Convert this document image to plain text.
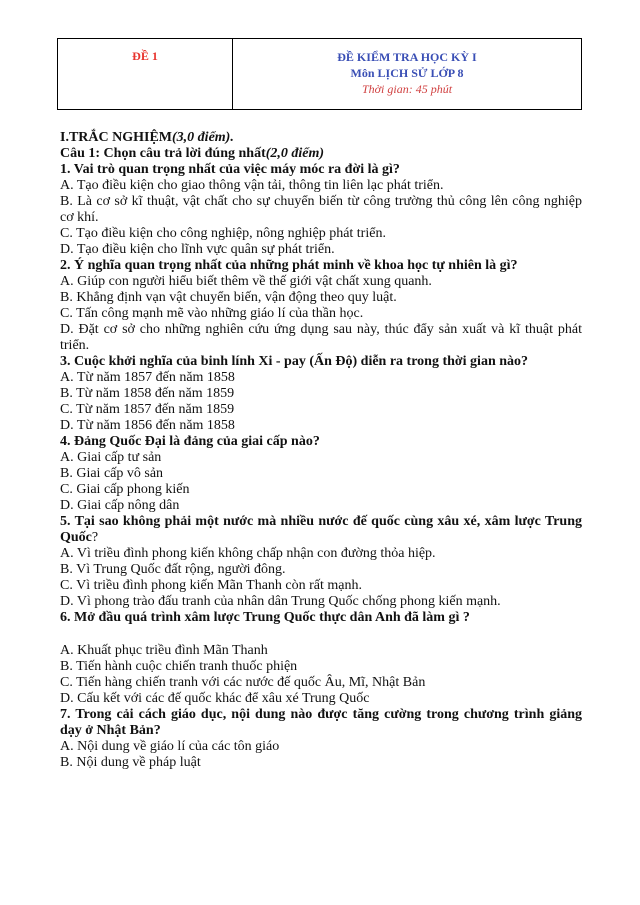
ĐỀ 1	ĐỀ KIỂM TRA HỌC KỲ I
Môn LỊCH SỬ LỚP 8
Thời gian: 45 phút
I.TRẮC NGHIỆM(3,0 điểm).
Câu 1: Chọn câu trả lời đúng nhất(2,0 điểm)
1. Vai trò quan trọng nhất của việc máy móc ra đời là gì?
A. Tạo điều kiện cho giao thông vận tải, thông tin liên lạc phát triển.
B. Là cơ sở kĩ thuật, vật chất cho sự chuyển biến từ công trường thủ công lên công nghiệp cơ khí.
C. Tạo điều kiện cho công nghiệp, nông nghiệp phát triển.
D. Tạo điều kiện cho lĩnh vực quân sự phát triển.
2. Ý nghĩa quan trọng nhất của những phát minh về khoa học tự nhiên là gì?
A. Giúp con người hiểu biết thêm về thế giới vật chất xung quanh.
B. Khẳng định vạn vật chuyển biến, vận động theo quy luật.
C. Tấn công mạnh mẽ vào những giáo lí của thần học.
D. Đặt cơ sở cho những nghiên cứu ứng dụng sau này, thúc đẩy sản xuất và kĩ thuật phát triển.
3. Cuộc khởi nghĩa của binh lính Xi - pay (Ấn Độ) diễn ra trong thời gian nào?
A. Từ năm 1857 đến năm 1858
B. Từ năm 1858 đến năm 1859
C. Từ năm 1857 đến năm 1859
D. Từ năm 1856 đến năm 1858
4. Đảng Quốc Đại là đảng của giai cấp nào?
A. Giai cấp tư sản
B. Giai cấp vô sản
C. Giai cấp phong kiến
D. Giai cấp nông dân
5. Tại sao không phải một nước mà nhiều nước đế quốc cùng xâu xé, xâm lược Trung Quốc?
A. Vì triều đình phong kiến không chấp nhận con đường thỏa hiệp.
B. Vì Trung Quốc đất rộng, người đông.
C. Vì triều đình phong kiến Mãn Thanh còn rất mạnh.
D. Vì phong trào đấu tranh của nhân dân Trung Quốc chống phong kiến mạnh.
6. Mở đầu quá trình xâm lược Trung Quốc thực dân Anh đã làm gì ?
A. Khuất phục triều đình Mãn Thanh
B. Tiến hành cuộc chiến tranh thuốc phiện
C. Tiến hàng chiến tranh với các nước đế quốc Âu, Mĩ, Nhật Bản
D. Cấu kết với các đế quốc khác để xâu xé Trung Quốc
7. Trong cải cách giáo dục, nội dung nào được tăng cường trong chương trình giảng dạy ở Nhật Bản?
A. Nội dung về giáo lí của các tôn giáo
B. Nội dung về pháp luật
